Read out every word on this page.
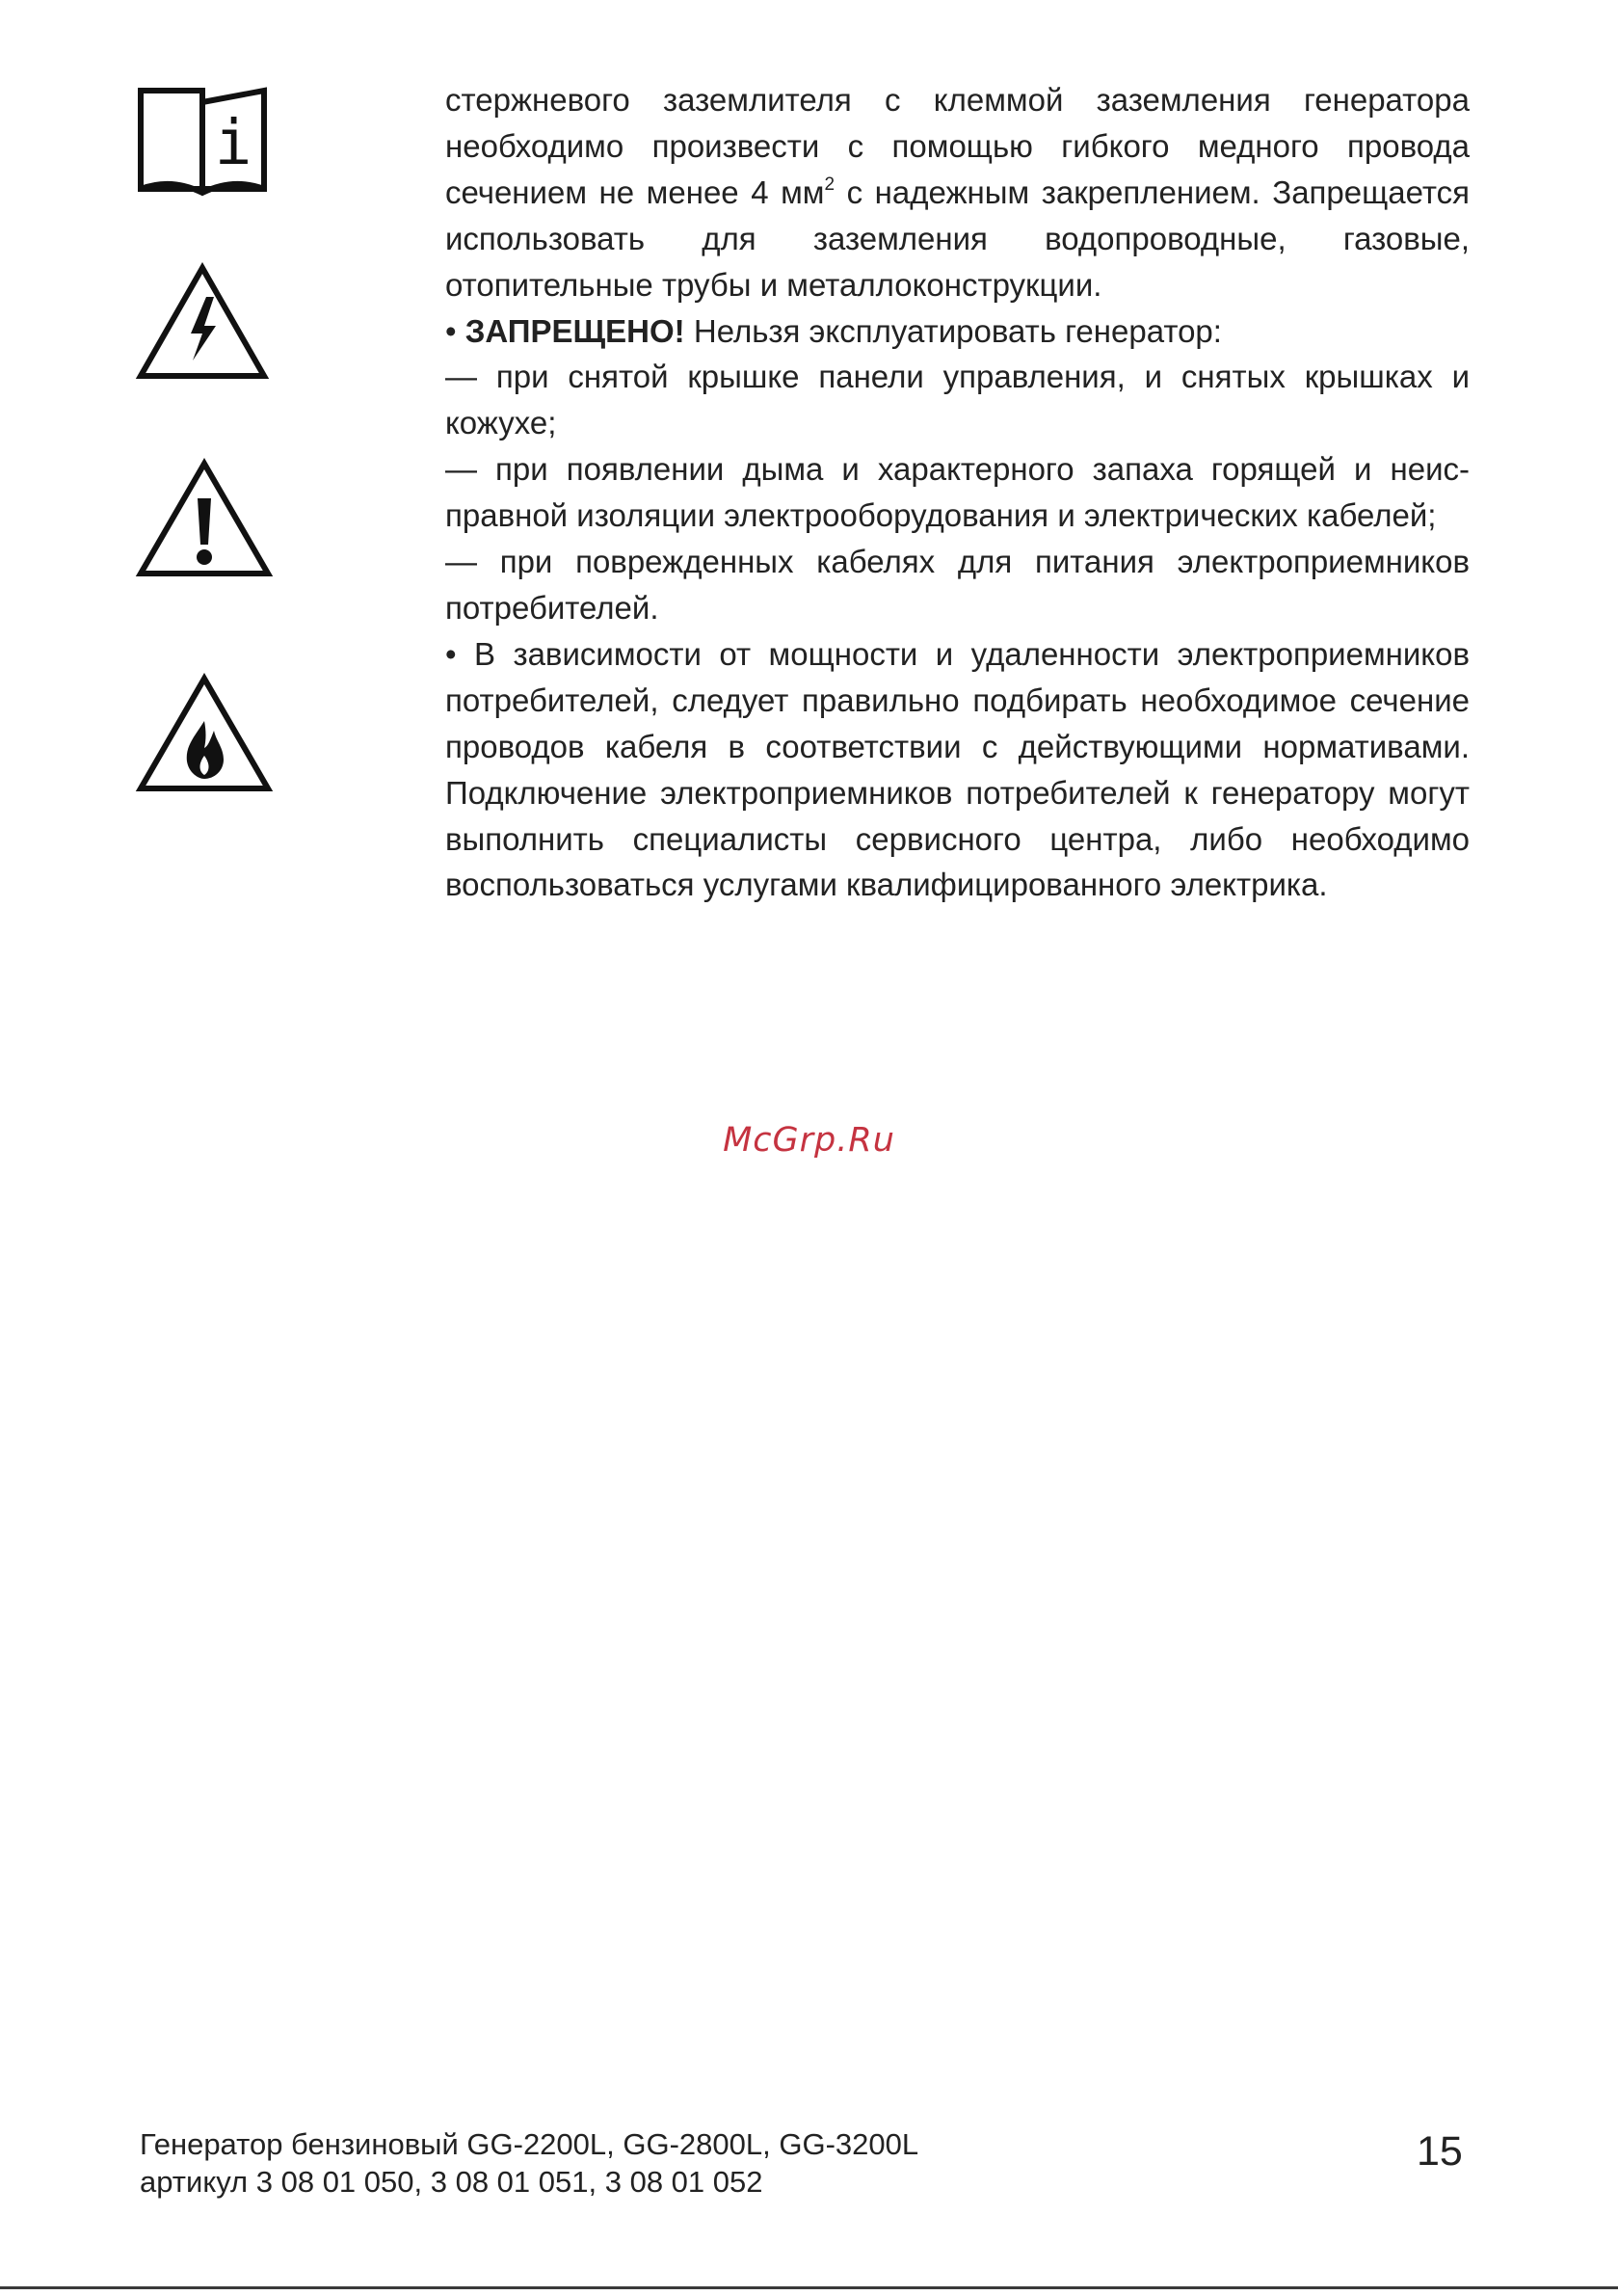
i

стержневого заземлителя с клеммой заземления генератора необходимо произвести с помощью гибкого медного провода сечением не менее 4 $мм^2$ с надежным закреплением. Запрещается использовать для заземления водопроводные, газовые, отопительные трубы и металлоконструкции.

• ЗАПРЕЩЕНО! Нельзя эксплуатировать генератор:

— при снятой крышке панели управления, и снятых крышках и кожухе;

— при появлении дыма и характерного запаха горящей и неисправной изоляции электрооборудования и электрических кабелей;

— при поврежденных кабелях для питания электроприемников потребителей.

• В зависимости от мощности и удаленности электроприемников потребителей, следует правильно подбирать необходимое сечение проводов кабеля в соответствии с действующими нормативами. Подключение электроприемников потребителей к генератору могут выполнить специалисты сервисного центра, либо необходимо воспользоваться услугами квалифицированного электрика.

McGrp.Ru
Генератор бензиновый GG-2200L, GG-2800L, GG-3200L
артикул 3 08 01 050, 3 08 01 051, 3 08 01 052
15
